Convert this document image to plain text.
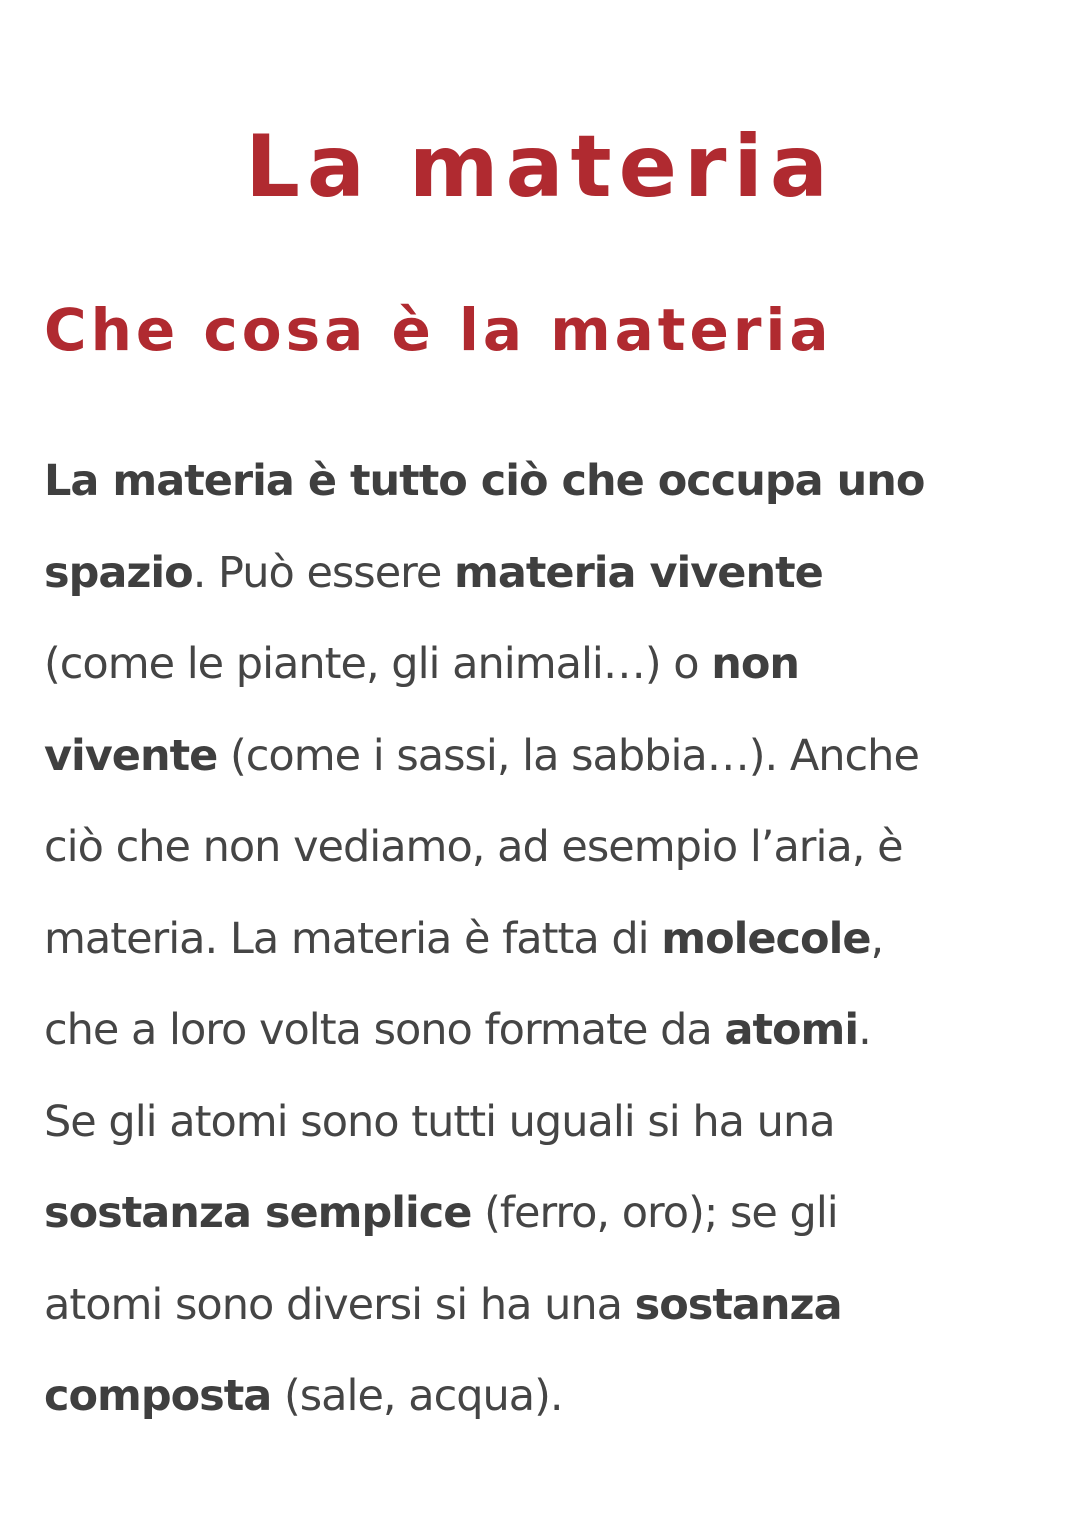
La materia
Che cosa è la materia

La materia è tutto ciò che occupa uno
spazio. Può essere materia vivente
(come le piante, gli animali…) o non
vivente (come i sassi, la sabbia…). Anche
ciò che non vediamo, ad esempio l’aria, è
materia. La materia è fatta di molecole,
che a loro volta sono formate da atomi.
Se gli atomi sono tutti uguali si ha una
sostanza semplice (ferro, oro); se gli
atomi sono diversi si ha una sostanza
composta (sale, acqua).
